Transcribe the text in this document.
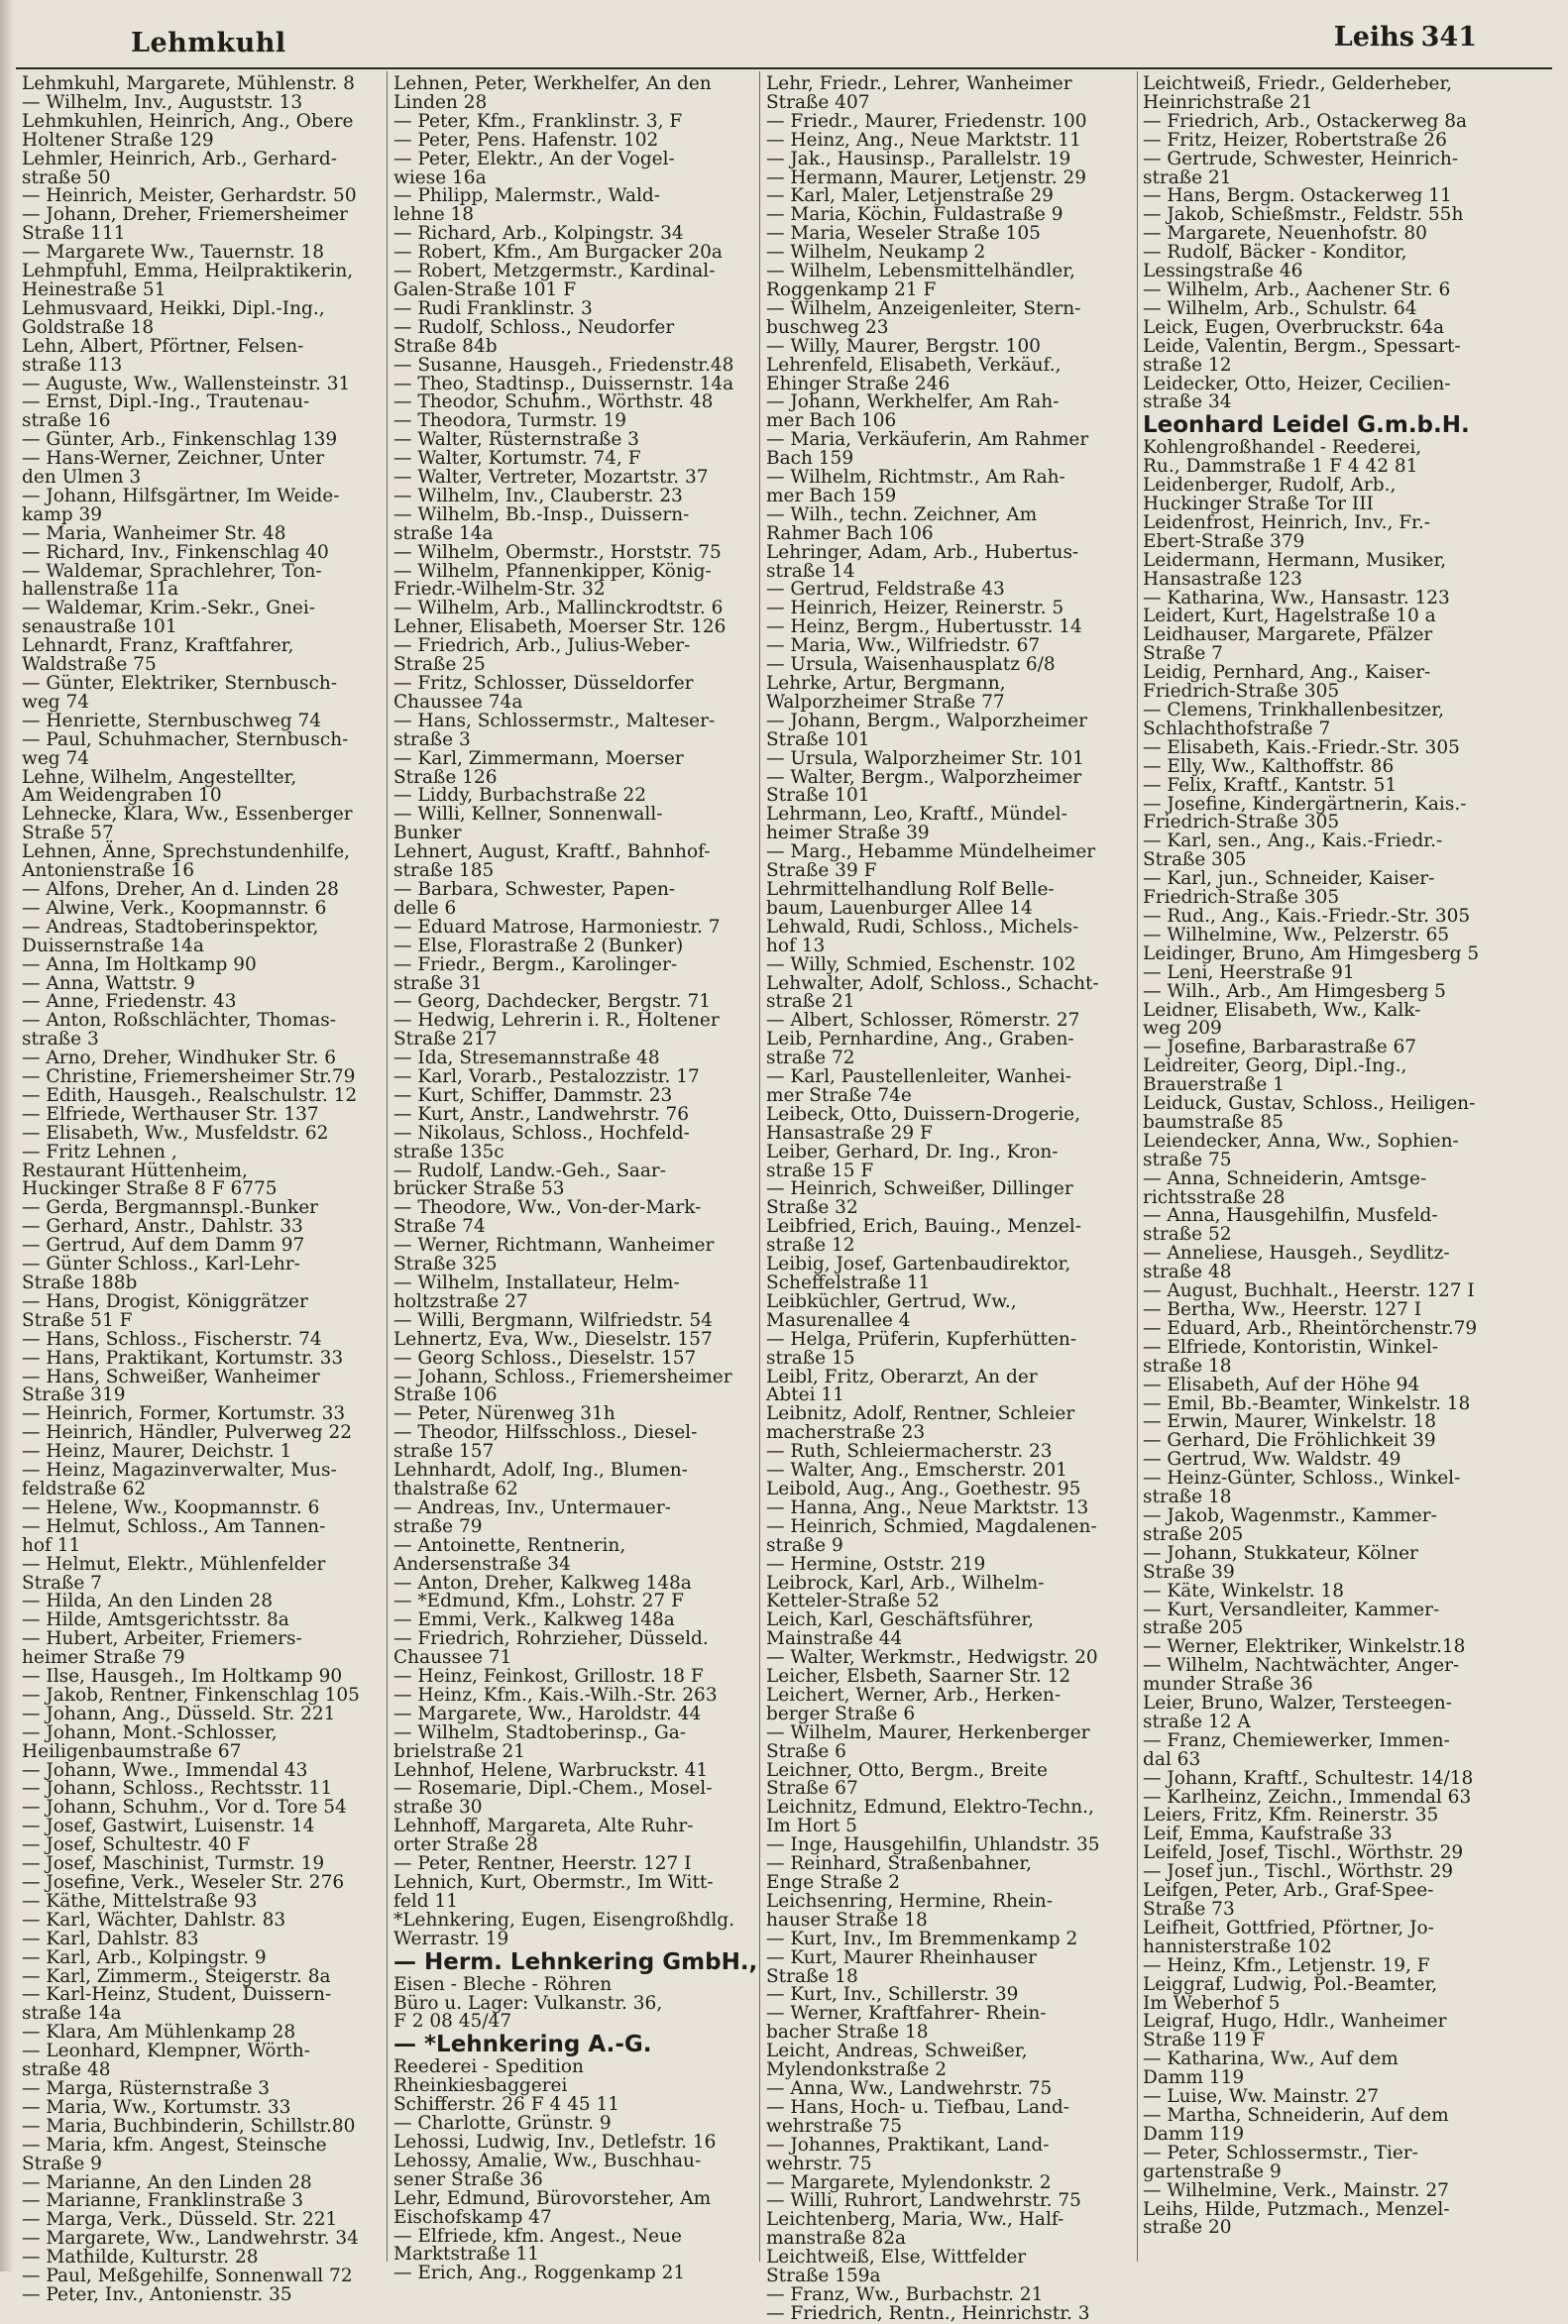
Lehmkuhl	Leihs 341
Lehmkuhl, Margarete, Mühlenstr. 8
— Wilhelm, Inv., Auguststr. 13
Lehmkuhlen, Heinrich, Ang., Obere
Holtener Straße 129
Lehmler, Heinrich, Arb., Gerhard-
straße 50
— Heinrich, Meister, Gerhardstr. 50
— Johann, Dreher, Friemersheimer
Straße 111
— Margarete Ww., Tauernstr. 18
Lehmpfuhl, Emma, Heilpraktikerin,
Heinestraße 51
Lehmusvaard, Heikki, Dipl.-Ing.,
Goldstraße 18
Lehn, Albert, Pförtner, Felsen-
straße 113
— Auguste, Ww., Wallensteinstr. 31
— Ernst, Dipl.-Ing., Trautenau-
straße 16
— Günter, Arb., Finkenschlag 139
— Hans-Werner, Zeichner, Unter
den Ulmen 3
— Johann, Hilfsgärtner, Im Weide-
kamp 39
— Maria, Wanheimer Str. 48
— Richard, Inv., Finkenschlag 40
— Waldemar, Sprachlehrer, Ton-
hallenstraße 11a
— Waldemar, Krim.-Sekr., Gnei-
senaustraße 101
Lehnardt, Franz, Kraftfahrer,
Waldstraße 75
— Günter, Elektriker, Sternbusch-
weg 74
— Henriette, Sternbuschweg 74
— Paul, Schuhmacher, Sternbusch-
weg 74
Lehne, Wilhelm, Angestellter,
Am Weidengraben 10
Lehnecke, Klara, Ww., Essenberger
Straße 57
Lehnen, Änne, Sprechstundenhilfe,
Antonienstraße 16
— Alfons, Dreher, An d. Linden 28
— Alwine, Verk., Koopmannstr. 6
— Andreas, Stadtoberinspektor,
Duissernstraße 14a
— Anna, Im Holtkamp 90
— Anna, Wattstr. 9
— Anne, Friedenstr. 43
— Anton, Roßschlächter, Thomas-
straße 3
— Arno, Dreher, Windhuker Str. 6
— Christine, Friemersheimer Str.79
— Edith, Hausgeh., Realschulstr. 12
— Elfriede, Werthauser Str. 137
— Elisabeth, Ww., Musfeldstr. 62
— Fritz Lehnen ,
Restaurant Hüttenheim,
Huckinger Straße 8 F 6775
— Gerda, Bergmannspl.-Bunker
— Gerhard, Anstr., Dahlstr. 33
— Gertrud, Auf dem Damm 97
— Günter Schloss., Karl-Lehr-
Straße 188b
— Hans, Drogist, Königgrätzer
Straße 51 F
— Hans, Schloss., Fischerstr. 74
— Hans, Praktikant, Kortumstr. 33
— Hans, Schweißer, Wanheimer
Straße 319
— Heinrich, Former, Kortumstr. 33
— Heinrich, Händler, Pulverweg 22
— Heinz, Maurer, Deichstr. 1
— Heinz, Magazinverwalter, Mus-
feldstraße 62
— Helene, Ww., Koopmannstr. 6
— Helmut, Schloss., Am Tannen-
hof 11
— Helmut, Elektr., Mühlenfelder
Straße 7
— Hilda, An den Linden 28
— Hilde, Amtsgerichtsstr. 8a
— Hubert, Arbeiter, Friemers-
heimer Straße 79
— Ilse, Hausgeh., Im Holtkamp 90
— Jakob, Rentner, Finkenschlag 105
— Johann, Ang., Düsseld. Str. 221
— Johann, Mont.-Schlosser,
Heiligenbaumstraße 67
— Johann, Wwe., Immendal 43
— Johann, Schloss., Rechtsstr. 11
— Johann, Schuhm., Vor d. Tore 54
— Josef, Gastwirt, Luisenstr. 14
— Josef, Schultestr. 40 F
— Josef, Maschinist, Turmstr. 19
— Josefine, Verk., Weseler Str. 276
— Käthe, Mittelstraße 93
— Karl, Wächter, Dahlstr. 83
— Karl, Dahlstr. 83
— Karl, Arb., Kolpingstr. 9
— Karl, Zimmerm., Steigerstr. 8a
— Karl-Heinz, Student, Duissern-
straße 14a
— Klara, Am Mühlenkamp 28
— Leonhard, Klempner, Wörth-
straße 48
— Marga, Rüsternstraße 3
— Maria, Ww., Kortumstr. 33
— Maria, Buchbinderin, Schillstr.80
— Maria, kfm. Angest, Steinsche
Straße 9
— Marianne, An den Linden 28
— Marianne, Franklinstraße 3
— Marga, Verk., Düsseld. Str. 221
— Margarete, Ww., Landwehrstr. 34
— Mathilde, Kulturstr. 28
— Paul, Meßgehilfe, Sonnenwall 72
— Peter, Inv., Antonienstr. 35
Lehnen, Peter, Werkhelfer, An den
Linden 28
— Peter, Kfm., Franklinstr. 3, F
— Peter, Pens. Hafenstr. 102
— Peter, Elektr., An der Vogel-
wiese 16a
— Philipp, Malermstr., Wald-
lehne 18
— Richard, Arb., Kolpingstr. 34
— Robert, Kfm., Am Burgacker 20a
— Robert, Metzgermstr., Kardinal-
Galen-Straße 101 F
— Rudi Franklinstr. 3
— Rudolf, Schloss., Neudorfer
Straße 84b
— Susanne, Hausgeh., Friedenstr.48
— Theo, Stadtinsp., Duissernstr. 14a
— Theodor, Schuhm., Wörthstr. 48
— Theodora, Turmstr. 19
— Walter, Rüsternstraße 3
— Walter, Kortumstr. 74, F
— Walter, Vertreter, Mozartstr. 37
— Wilhelm, Inv., Clauberstr. 23
— Wilhelm, Bb.-Insp., Duissern-
straße 14a
— Wilhelm, Obermstr., Horststr. 75
— Wilhelm, Pfannenkipper, König-
Friedr.-Wilhelm-Str. 32
— Wilhelm, Arb., Mallinckrodtstr. 6
Lehner, Elisabeth, Moerser Str. 126
— Friedrich, Arb., Julius-Weber-
Straße 25
— Fritz, Schlosser, Düsseldorfer
Chaussee 74a
— Hans, Schlossermstr., Malteser-
straße 3
— Karl, Zimmermann, Moerser
Straße 126
— Liddy, Burbachstraße 22
— Willi, Kellner, Sonnenwall-
Bunker
Lehnert, August, Kraftf., Bahnhof-
straße 185
— Barbara, Schwester, Papen-
delle 6
— Eduard Matrose, Harmoniestr. 7
— Else, Florastraße 2 (Bunker)
— Friedr., Bergm., Karolinger-
straße 31
— Georg, Dachdecker, Bergstr. 71
— Hedwig, Lehrerin i. R., Holtener
Straße 217
— Ida, Stresemannstraße 48
— Karl, Vorarb., Pestalozzistr. 17
— Kurt, Schiffer, Dammstr. 23
— Kurt, Anstr., Landwehrstr. 76
— Nikolaus, Schloss., Hochfeld-
straße 135c
— Rudolf, Landw.-Geh., Saar-
brücker Straße 53
— Theodore, Ww., Von-der-Mark-
Straße 74
— Werner, Richtmann, Wanheimer
Straße 325
— Wilhelm, Installateur, Helm-
holtzstraße 27
— Willi, Bergmann, Wilfriedstr. 54
Lehnertz, Eva, Ww., Dieselstr. 157
— Georg Schloss., Dieselstr. 157
— Johann, Schloss., Friemersheimer
Straße 106
— Peter, Nürenweg 31h
— Theodor, Hilfsschloss., Diesel-
straße 157
Lehnhardt, Adolf, Ing., Blumen-
thalstraße 62
— Andreas, Inv., Untermauer-
straße 79
— Antoinette, Rentnerin,
Andersenstraße 34
— Anton, Dreher, Kalkweg 148a
— *Edmund, Kfm., Lohstr. 27 F
— Emmi, Verk., Kalkweg 148a
— Friedrich, Rohrzieher, Düsseld.
Chaussee 71
— Heinz, Feinkost, Grillostr. 18 F
— Heinz, Kfm., Kais.-Wilh.-Str. 263
— Margarete, Ww., Haroldstr. 44
— Wilhelm, Stadtoberinsp., Ga-
brielstraße 21
Lehnhof, Helene, Warbruckstr. 41
— Rosemarie, Dipl.-Chem., Mosel-
straße 30
Lehnhoff, Margareta, Alte Ruhr-
orter Straße 28
— Peter, Rentner, Heerstr. 127 I
Lehnich, Kurt, Obermstr., Im Witt-
feld 11
*Lehnkering, Eugen, Eisengroßhdlg.
Werrastr. 19
— Herm. Lehnkering GmbH.,
Eisen - Bleche - Röhren
Büro u. Lager: Vulkanstr. 36,
F 2 08 45/47
— *Lehnkering A.-G.
Reederei - Spedition
Rheinkiesbaggerei
Schifferstr. 26 F 4 45 11
— Charlotte, Grünstr. 9
Lehossi, Ludwig, Inv., Detlefstr. 16
Lehossy, Amalie, Ww., Buschhau-
sener Straße 36
Lehr, Edmund, Bürovorsteher, Am
Eischofskamp 47
— Elfriede, kfm. Angest., Neue
Marktstraße 11
— Erich, Ang., Roggenkamp 21
Lehr, Friedr., Lehrer, Wanheimer
Straße 407
— Friedr., Maurer, Friedenstr. 100
— Heinz, Ang., Neue Marktstr. 11
— Jak., Hausinsp., Parallelstr. 19
— Hermann, Maurer, Letjenstr. 29
— Karl, Maler, Letjenstraße 29
— Maria, Köchin, Fuldastraße 9
— Maria, Weseler Straße 105
— Wilhelm, Neukamp 2
— Wilhelm, Lebensmittelhändler,
Roggenkamp 21 F
— Wilhelm, Anzeigenleiter, Stern-
buschweg 23
— Willy, Maurer, Bergstr. 100
Lehrenfeld, Elisabeth, Verkäuf.,
Ehinger Straße 246
— Johann, Werkhelfer, Am Rah-
mer Bach 106
— Maria, Verkäuferin, Am Rahmer
Bach 159
— Wilhelm, Richtmstr., Am Rah-
mer Bach 159
— Wilh., techn. Zeichner, Am
Rahmer Bach 106
Lehringer, Adam, Arb., Hubertus-
straße 14
— Gertrud, Feldstraße 43
— Heinrich, Heizer, Reinerstr. 5
— Heinz, Bergm., Hubertusstr. 14
— Maria, Ww., Wilfriedstr. 67
— Ursula, Waisenhausplatz 6/8
Lehrke, Artur, Bergmann,
Walporzheimer Straße 77
— Johann, Bergm., Walporzheimer
Straße 101
— Ursula, Walporzheimer Str. 101
— Walter, Bergm., Walporzheimer
Straße 101
Lehrmann, Leo, Kraftf., Mündel-
heimer Straße 39
— Marg., Hebamme Mündelheimer
Straße 39 F
Lehrmittelhandlung Rolf Belle-
baum, Lauenburger Allee 14
Lehwald, Rudi, Schloss., Michels-
hof 13
— Willy, Schmied, Eschenstr. 102
Lehwalter, Adolf, Schloss., Schacht-
straße 21
— Albert, Schlosser, Römerstr. 27
Leib, Pernhardine, Ang., Graben-
straße 72
— Karl, Paustellenleiter, Wanhei-
mer Straße 74e
Leibeck, Otto, Duissern-Drogerie,
Hansastraße 29 F
Leiber, Gerhard, Dr. Ing., Kron-
straße 15 F
— Heinrich, Schweißer, Dillinger
Straße 32
Leibfried, Erich, Bauing., Menzel-
straße 12
Leibig, Josef, Gartenbaudirektor,
Scheffelstraße 11
Leibküchler, Gertrud, Ww.,
Masurenallee 4
— Helga, Prüferin, Kupferhütten-
straße 15
Leibl, Fritz, Oberarzt, An der
Abtei 11
Leibnitz, Adolf, Rentner, Schleier
macherstraße 23
— Ruth, Schleiermacherstr. 23
— Walter, Ang., Emscherstr. 201
Leibold, Aug., Ang., Goethestr. 95
— Hanna, Ang., Neue Marktstr. 13
— Heinrich, Schmied, Magdalenen-
straße 9
— Hermine, Oststr. 219
Leibrock, Karl, Arb., Wilhelm-
Ketteler-Straße 52
Leich, Karl, Geschäftsführer,
Mainstraße 44
— Walter, Werkmstr., Hedwigstr. 20
Leicher, Elsbeth, Saarner Str. 12
Leichert, Werner, Arb., Herken-
berger Straße 6
— Wilhelm, Maurer, Herkenberger
Straße 6
Leichner, Otto, Bergm., Breite
Straße 67
Leichnitz, Edmund, Elektro-Techn.,
Im Hort 5
— Inge, Hausgehilfin, Uhlandstr. 35
— Reinhard, Straßenbahner,
Enge Straße 2
Leichsenring, Hermine, Rhein-
hauser Straße 18
— Kurt, Inv., Im Bremmenkamp 2
— Kurt, Maurer Rheinhauser
Straße 18
— Kurt, Inv., Schillerstr. 39
— Werner, Kraftfahrer- Rhein-
bacher Straße 18
Leicht, Andreas, Schweißer,
Mylendonkstraße 2
— Anna, Ww., Landwehrstr. 75
— Hans, Hoch- u. Tiefbau, Land-
wehrstraße 75
— Johannes, Praktikant, Land-
wehrstr. 75
— Margarete, Mylendonkstr. 2
— Willi, Ruhrort, Landwehrstr. 75
Leichtenberg, Maria, Ww., Half-
manstraße 82a
Leichtweiß, Else, Wittfelder
Straße 159a
— Franz, Ww., Burbachstr. 21
— Friedrich, Rentn., Heinrichstr. 3
Leichtweiß, Friedr., Gelderheber,
Heinrichstraße 21
— Friedrich, Arb., Ostackerweg 8a
— Fritz, Heizer, Robertstraße 26
— Gertrude, Schwester, Heinrich-
straße 21
— Hans, Bergm. Ostackerweg 11
— Jakob, Schießmstr., Feldstr. 55h
— Margarete, Neuenhofstr. 80
— Rudolf, Bäcker - Konditor,
Lessingstraße 46
— Wilhelm, Arb., Aachener Str. 6
— Wilhelm, Arb., Schulstr. 64
Leick, Eugen, Overbruckstr. 64a
Leide, Valentin, Bergm., Spessart-
straße 12
Leidecker, Otto, Heizer, Cecilien-
straße 34
Leonhard Leidel G.m.b.H.
Kohlengroßhandel - Reederei,
Ru., Dammstraße 1 F 4 42 81
Leidenberger, Rudolf, Arb.,
Huckinger Straße Tor III
Leidenfrost, Heinrich, Inv., Fr.-
Ebert-Straße 379
Leidermann, Hermann, Musiker,
Hansastraße 123
— Katharina, Ww., Hansastr. 123
Leidert, Kurt, Hagelstraße 10 a
Leidhauser, Margarete, Pfälzer
Straße 7
Leidig, Pernhard, Ang., Kaiser-
Friedrich-Straße 305
— Clemens, Trinkhallenbesitzer,
Schlachthofstraße 7
— Elisabeth, Kais.-Friedr.-Str. 305
— Elly, Ww., Kalthoffstr. 86
— Felix, Kraftf., Kantstr. 51
— Josefine, Kindergärtnerin, Kais.-
Friedrich-Straße 305
— Karl, sen., Ang., Kais.-Friedr.-
Straße 305
— Karl, jun., Schneider, Kaiser-
Friedrich-Straße 305
— Rud., Ang., Kais.-Friedr.-Str. 305
— Wilhelmine, Ww., Pelzerstr. 65
Leidinger, Bruno, Am Himgesberg 5
— Leni, Heerstraße 91
— Wilh., Arb., Am Himgesberg 5
Leidner, Elisabeth, Ww., Kalk-
weg 209
— Josefine, Barbarastraße 67
Leidreiter, Georg, Dipl.-Ing.,
Brauerstraße 1
Leiduck, Gustav, Schloss., Heiligen-
baumstraße 85
Leiendecker, Anna, Ww., Sophien-
straße 75
— Anna, Schneiderin, Amtsge-
richtsstraße 28
— Anna, Hausgehilfin, Musfeld-
straße 52
— Anneliese, Hausgeh., Seydlitz-
straße 48
— August, Buchhalt., Heerstr. 127 I
— Bertha, Ww., Heerstr. 127 I
— Eduard, Arb., Rheintörchenstr.79
— Elfriede, Kontoristin, Winkel-
straße 18
— Elisabeth, Auf der Höhe 94
— Emil, Bb.-Beamter, Winkelstr. 18
— Erwin, Maurer, Winkelstr. 18
— Gerhard, Die Fröhlichkeit 39
— Gertrud, Ww. Waldstr. 49
— Heinz-Günter, Schloss., Winkel-
straße 18
— Jakob, Wagenmstr., Kammer-
straße 205
— Johann, Stukkateur, Kölner
Straße 39
— Käte, Winkelstr. 18
— Kurt, Versandleiter, Kammer-
straße 205
— Werner, Elektriker, Winkelstr.18
— Wilhelm, Nachtwächter, Anger-
munder Straße 36
Leier, Bruno, Walzer, Tersteegen-
straße 12 A
— Franz, Chemiewerker, Immen-
dal 63
— Johann, Kraftf., Schultestr. 14/18
— Karlheinz, Zeichn., Immendal 63
Leiers, Fritz, Kfm. Reinerstr. 35
Leif, Emma, Kaufstraße 33
Leifeld, Josef, Tischl., Wörthstr. 29
— Josef jun., Tischl., Wörthstr. 29
Leifgen, Peter, Arb., Graf-Spee-
Straße 73
Leifheit, Gottfried, Pförtner, Jo-
hannisterstraße 102
— Heinz, Kfm., Letjenstr. 19, F
Leiggraf, Ludwig, Pol.-Beamter,
Im Weberhof 5
Leigraf, Hugo, Hdlr., Wanheimer
Straße 119 F
— Katharina, Ww., Auf dem
Damm 119
— Luise, Ww. Mainstr. 27
— Martha, Schneiderin, Auf dem
Damm 119
— Peter, Schlossermstr., Tier-
gartenstraße 9
— Wilhelmine, Verk., Mainstr. 27
Leihs, Hilde, Putzmach., Menzel-
straße 20
